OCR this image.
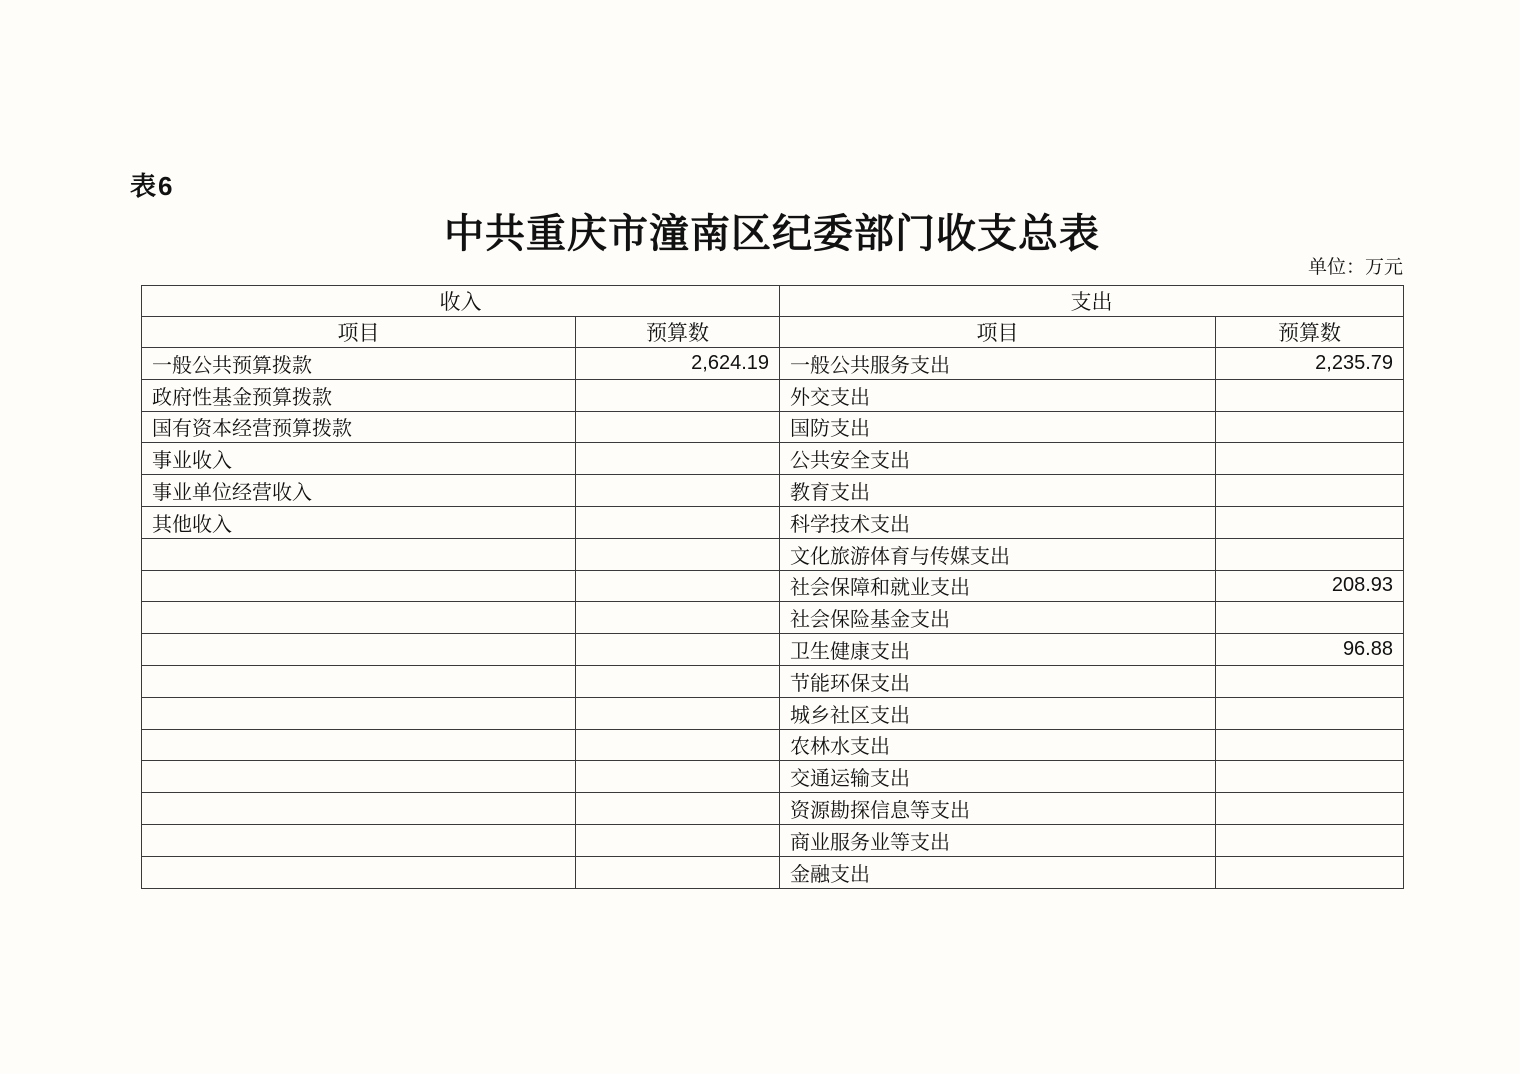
表6
中共重庆市潼南区纪委部门收支总表
单位：万元
收入		支出	
项目	预算数	项目	预算数
一般公共预算拨款	2,624.19	一般公共服务支出	2,235.79
政府性基金预算拨款		外交支出	
国有资本经营预算拨款		国防支出	
事业收入		公共安全支出	
事业单位经营收入		教育支出	
其他收入		科学技术支出	
		文化旅游体育与传媒支出	
		社会保障和就业支出	208.93
		社会保险基金支出	
		卫生健康支出	96.88
		节能环保支出	
		城乡社区支出	
		农林水支出	
		交通运输支出	
		资源勘探信息等支出	
		商业服务业等支出	
		金融支出	
